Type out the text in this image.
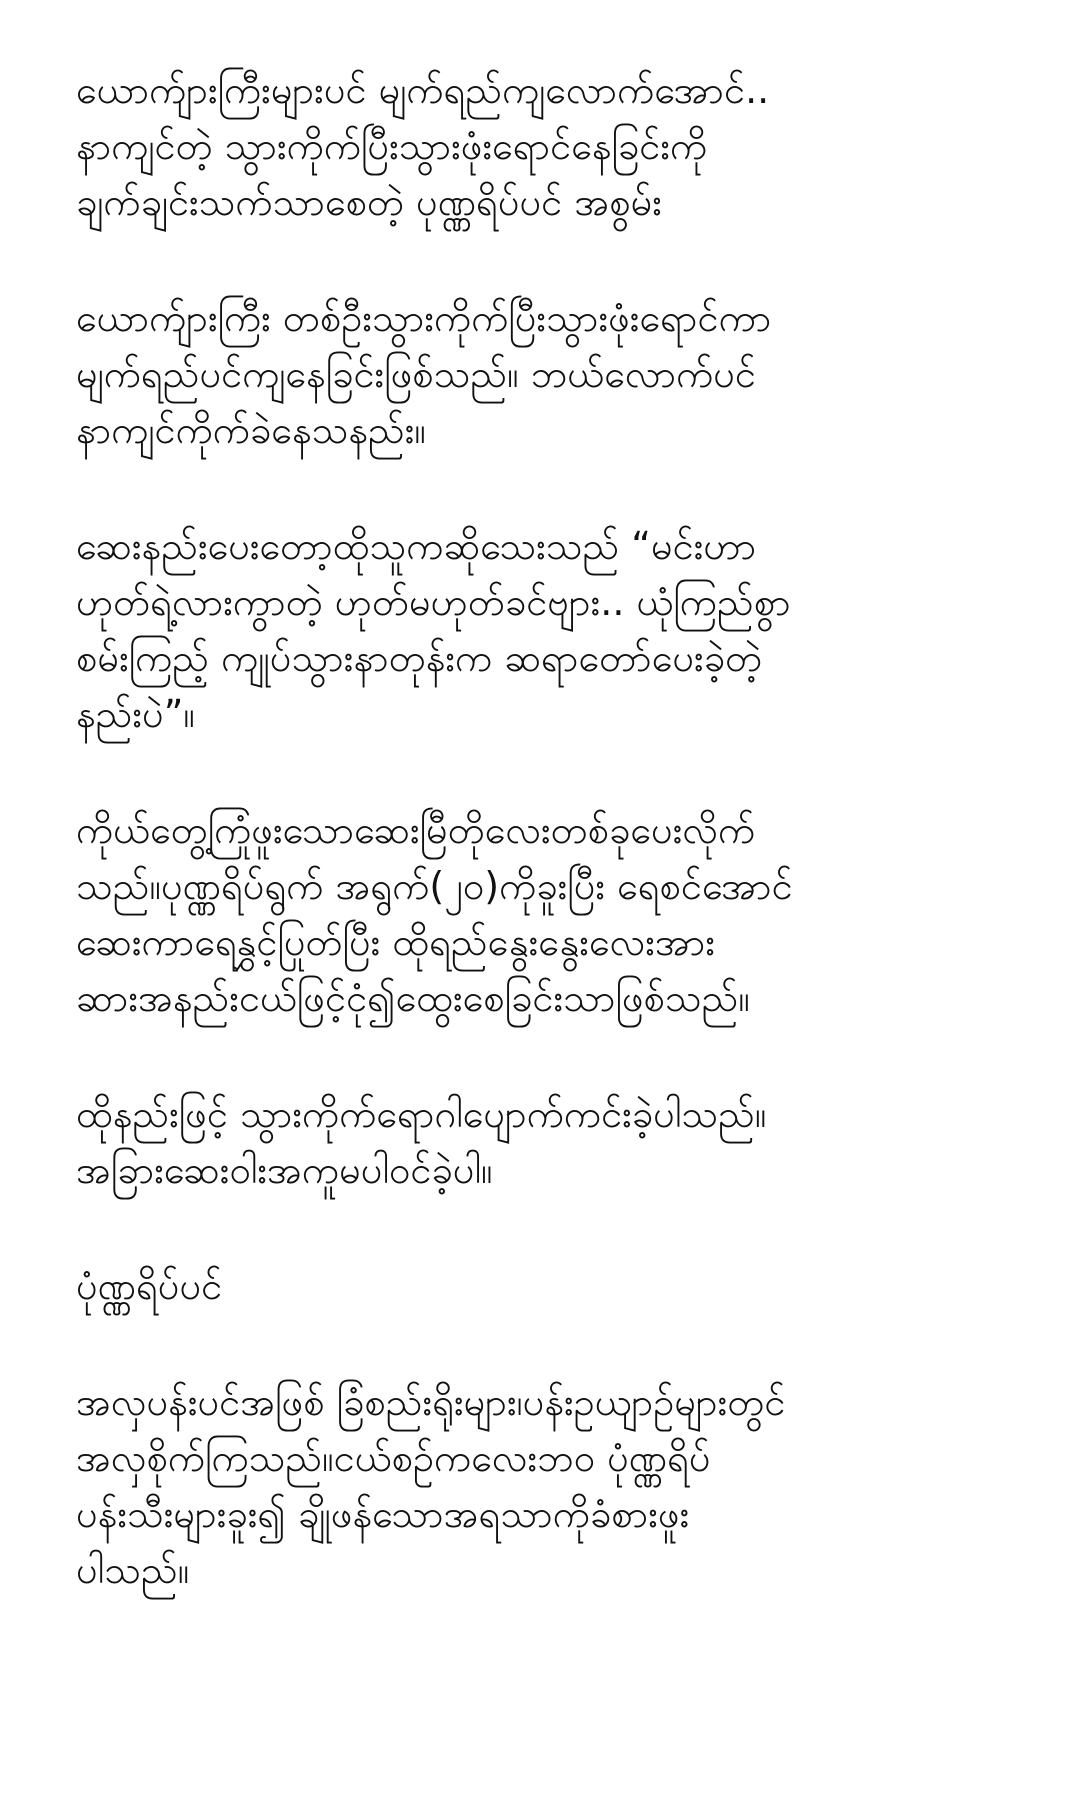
ယောက်ျားကြီးများပင် မျက်ရည်ကျလောက်အောင်..
နာကျင်တဲ့ သွားကိုက်ပြီးသွားဖုံးရောင်နေခြင်းကို
ချက်ချင်းသက်သာစေတဲ့ ပုဏ္ဏရိပ်ပင် အစွမ်း
ယောက်ျားကြီး တစ်ဦးသွားကိုက်ပြီးသွားဖုံးရောင်ကာ
မျက်ရည်ပင်ကျနေခြင်းဖြစ်သည်။ ဘယ်လောက်ပင်
နာကျင်ကိုက်ခဲနေသနည်း။
ဆေးနည်းပေးတော့ထိုသူကဆိုသေးသည် “မင်းဟာ
ဟုတ်ရဲ့လားကွာတဲ့ ဟုတ်မဟုတ်ခင်ဗျား.. ယုံကြည်စွာ
စမ်းကြည့် ကျုပ်သွားနာတုန်းက ဆရာတော်ပေးခဲ့တဲ့
နည်းပဲ”။
ကိုယ်တွေ့ကြုံဖူးသောဆေးမြီတိုလေးတစ်ခုပေးလိုက်
သည်။ပုဏ္ဏရိပ်ရွက် အရွက်(၂၀)ကိုခူးပြီး ရေစင်အောင်
ဆေးကာရေနွှင့်ပြုတ်ပြီး ထိုရည်နွေးနွေးလေးအား
ဆားအနည်းငယ်ဖြင့်ငုံ၍ထွေးစေခြင်းသာဖြစ်သည်။
ထိုနည်းဖြင့် သွားကိုက်ရောဂါပျောက်ကင်းခဲ့ပါသည်။
အခြားဆေးဝါးအကူမပါဝင်ခဲ့ပါ။
ပုံဏ္ဏရိပ်ပင်
အလှပန်းပင်အဖြစ် ခြံစည်းရိုးများ၊ပန်းဥယျာဉ်များတွင်
အလှစိုက်ကြသည်။ငယ်စဉ်ကလေးဘဝ ပုံဏ္ဏရိပ်
ပန်းသီးများခူး၍ ချိုဖန်သောအရသာကိုခံစားဖူး
ပါသည်။
